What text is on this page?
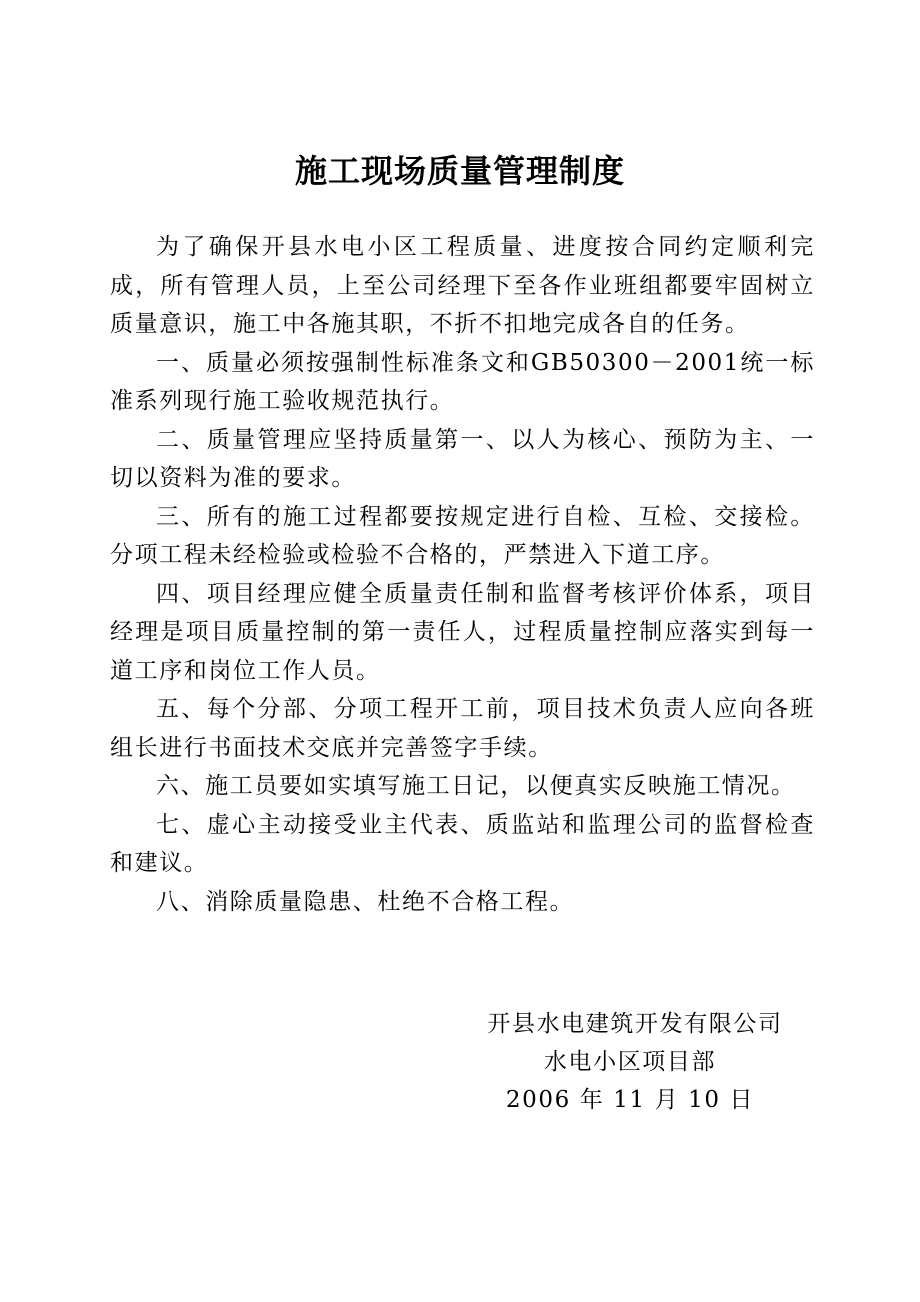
施工现场质量管理制度

为了确保开县水电小区工程质量、进度按合同约定顺利完成，所有管理人员，上至公司经理下至各作业班组都要牢固树立质量意识，施工中各施其职，不折不扣地完成各自的任务。

一、质量必须按强制性标准条文和GB50300－2001统一标准系列现行施工验收规范执行。

二、质量管理应坚持质量第一、以人为核心、预防为主、一切以资料为准的要求。

三、所有的施工过程都要按规定进行自检、互检、交接检。分项工程未经检验或检验不合格的，严禁进入下道工序。

四、项目经理应健全质量责任制和监督考核评价体系，项目经理是项目质量控制的第一责任人，过程质量控制应落实到每一道工序和岗位工作人员。

五、每个分部、分项工程开工前，项目技术负责人应向各班组长进行书面技术交底并完善签字手续。

六、施工员要如实填写施工日记，以便真实反映施工情况。

七、虚心主动接受业主代表、质监站和监理公司的监督检查和建议。

八、消除质量隐患、杜绝不合格工程。

开县水电建筑开发有限公司
水电小区项目部
2006 年 11 月 10 日
